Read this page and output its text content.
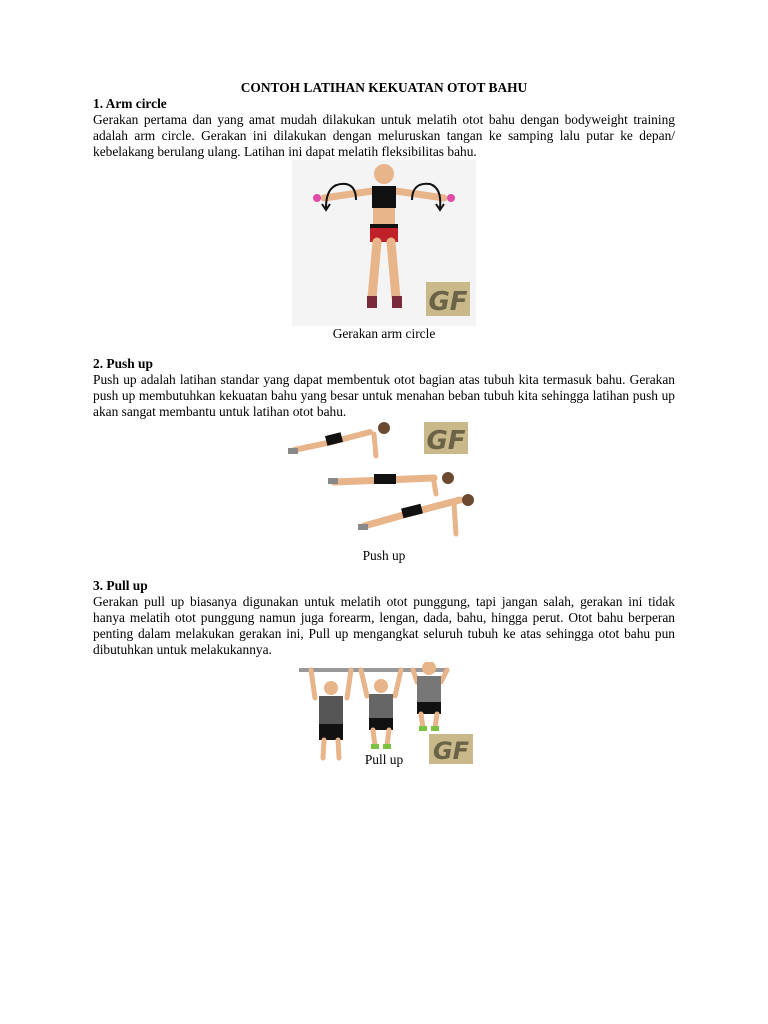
CONTOH LATIHAN KEKUATAN OTOT BAHU

1. Arm circle

Gerakan pertama dan yang amat mudah dilakukan untuk melatih otot bahu dengan bodyweight training adalah arm circle. Gerakan ini dilakukan dengan meluruskan tangan ke samping lalu putar ke depan/ kebelakang berulang ulang. Latihan ini dapat melatih fleksibilitas bahu.

GF

Gerakan arm circle

2. Push up

Push up adalah latihan standar yang dapat membentuk otot bagian atas tubuh kita termasuk bahu. Gerakan push up membutuhkan kekuatan bahu yang besar untuk menahan beban tubuh kita sehingga latihan push up akan sangat membantu untuk latihan otot bahu.

GF

Push up

3. Pull up

Gerakan pull up biasanya digunakan untuk melatih otot punggung, tapi jangan salah, gerakan ini tidak hanya melatih otot punggung namun juga forearm, lengan, dada, bahu, hingga perut. Otot bahu berperan penting dalam melakukan gerakan ini, Pull up mengangkat seluruh tubuh ke atas sehingga otot bahu pun dibutuhkan untuk melakukannya.

GF

Pull up
